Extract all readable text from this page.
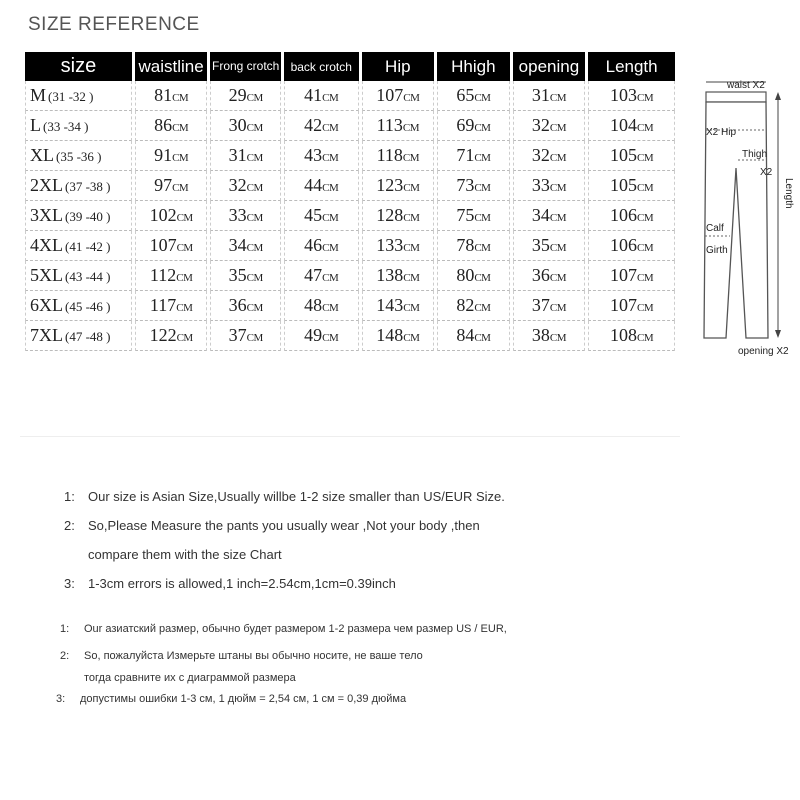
SIZE REFERENCE
size	waistline	Frong crotch	back crotch	Hip	Hhigh	opening	Length
M (31 -32 )	81CM	29CM	41CM	107CM	65CM	31CM	103CM
L (33 -34 )	86CM	30CM	42CM	113CM	69CM	32CM	104CM
XL (35 -36 )	91CM	31CM	43CM	118CM	71CM	32CM	105CM
2XL (37 -38 )	97CM	32CM	44CM	123CM	73CM	33CM	105CM
3XL (39 -40 )	102CM	33CM	45CM	128CM	75CM	34CM	106CM
4XL (41 -42 )	107CM	34CM	46CM	133CM	78CM	35CM	106CM
5XL (43 -44 )	112CM	35CM	47CM	138CM	80CM	36CM	107CM
6XL (45 -46 )	117CM	36CM	48CM	143CM	82CM	37CM	107CM
7XL (47 -48 )	122CM	37CM	49CM	148CM	84CM	38CM	108CM
waist X2
X2 Hip
Thigh
X2
Calf
Girth
Length
opening X2
1: Our size is Asian Size,Usually willbe 1-2 size smaller than US/EUR Size.
2: So,Please Measure the pants you usually wear ,Not your body ,then
compare them with the size Chart
3: 1-3cm errors is allowed,1 inch=2.54cm,1cm=0.39inch
1: Our азиатский размер, обычно будет размером 1-2 размера чем размер US / EUR,
2: So, пожалуйста Измерьте штаны вы обычно носите, не ваше тело
тогда сравните их с диаграммой размера
3: допустимы ошибки 1-3 см, 1 дюйм = 2,54 см, 1 см = 0,39 дюйма
